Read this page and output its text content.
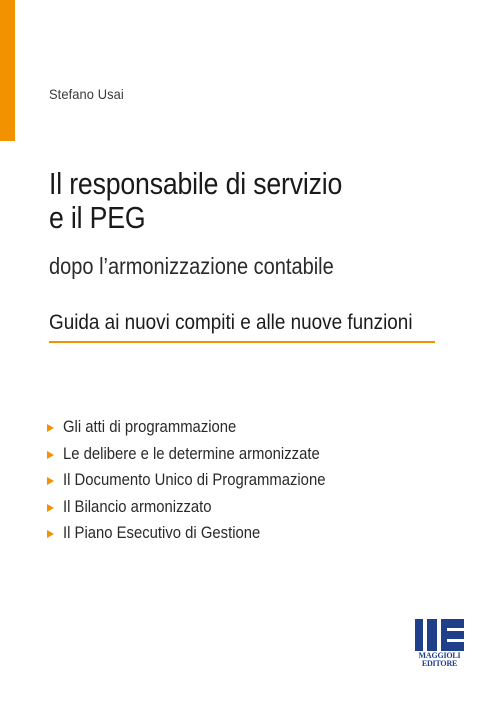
Stefano Usai
Il responsabile di servizio
e il PEG
dopo l’armonizzazione contabile
Guida ai nuovi compiti e alle nuove funzioni
Gli atti di programmazione
Le delibere e le determine armonizzate
Il Documento Unico di Programmazione
Il Bilancio armonizzato
Il Piano Esecutivo di Gestione
MAGGIOLI
EDITORE
